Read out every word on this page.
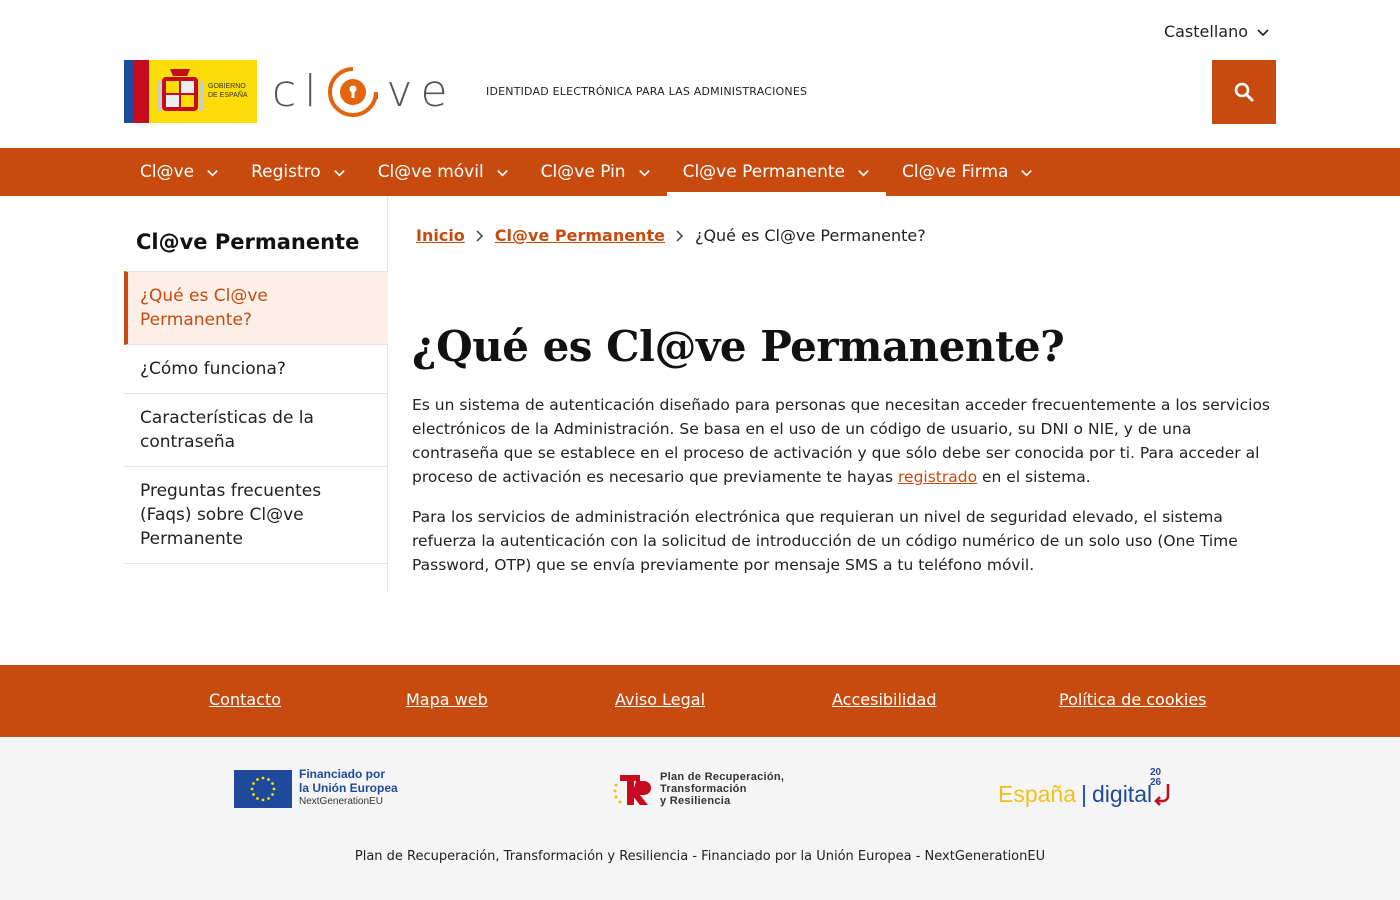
Castellano
GOBIERNO
DE ESPAÑA cl ve	IDENTIDAD ELECTRÓNICA PARA LAS ADMINISTRACIONES
Cl@ve	Registro	Cl@ve móvil	Cl@ve Pin	Cl@ve Permanente	Cl@ve Firma
Cl@ve Permanente
¿Qué es Cl@ve Permanente?
¿Cómo funciona?
Características de la contraseña
Preguntas frecuentes (Faqs) sobre Cl@ve Permanente
Inicio Cl@ve Permanente ¿Qué es Cl@ve Permanente?
¿Qué es Cl@ve Permanente?

Es un sistema de autenticación diseñado para personas que necesitan acceder frecuentemente a los servicios electrónicos de la Administración. Se basa en el uso de un código de usuario, su DNI o NIE, y de una contraseña que se establece en el proceso de activación y que sólo debe ser conocida por ti. Para acceder al proceso de activación es necesario que previamente te hayas registrado en el sistema.

Para los servicios de administración electrónica que requieran un nivel de seguridad elevado, el sistema refuerza la autenticación con la solicitud de introducción de un código numérico de un solo uso (One Time Password, OTP) que se envía previamente por mensaje SMS a tu teléfono móvil.

Contacto	Mapa web	Aviso Legal	Accesibilidad	Política de cookies
Financiado por
la Unión Europea
NextGenerationEU
Plan de Recuperación,
Transformación
y Resiliencia	España | digital
20
26
Plan de Recuperación, Transformación y Resiliencia - Financiado por la Unión Europea - NextGenerationEU
